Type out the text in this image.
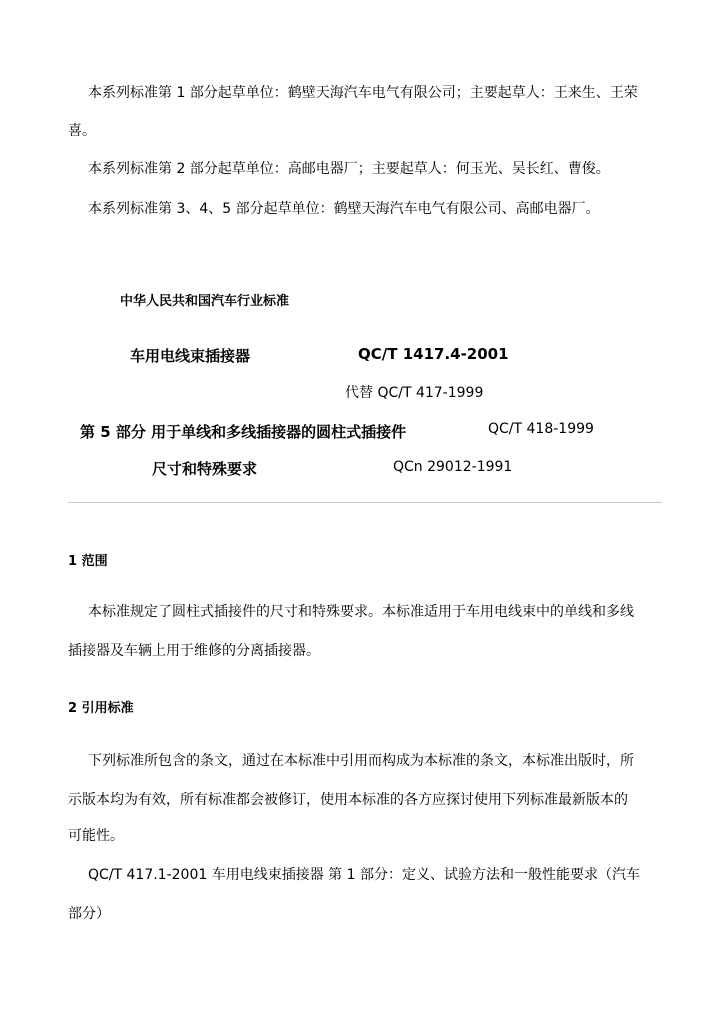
本系列标准第 1 部分起草单位：鹤壁天海汽车电气有限公司；主要起草人：王来生、王荣

喜。

本系列标准第 2 部分起草单位：高邮电器厂；主要起草人：何玉光、吴长红、曹俊。

本系列标准第 3、4、5 部分起草单位：鹤壁天海汽车电气有限公司、高邮电器厂。

中华人民共和国汽车行业标准

车用电线束插接器	QC/T 1417.4-2001

代替 QC/T 417-1999

第 5 部分 用于单线和多线插接器的圆柱式插接件	QC/T 418-1999

尺寸和特殊要求	QCn 29012-1991

1 范围

本标准规定了圆柱式插接件的尺寸和特殊要求。本标准适用于车用电线束中的单线和多线

插接器及车辆上用于维修的分离插接器。

2 引用标准

下列标准所包含的条文，通过在本标准中引用而构成为本标准的条文，本标准出版时，所

示版本均为有效，所有标准都会被修订，使用本标准的各方应探讨使用下列标准最新版本的

可能性。

QC/T 417.1-2001 车用电线束插接器 第 1 部分：定义、试验方法和一般性能要求（汽车

部分）
